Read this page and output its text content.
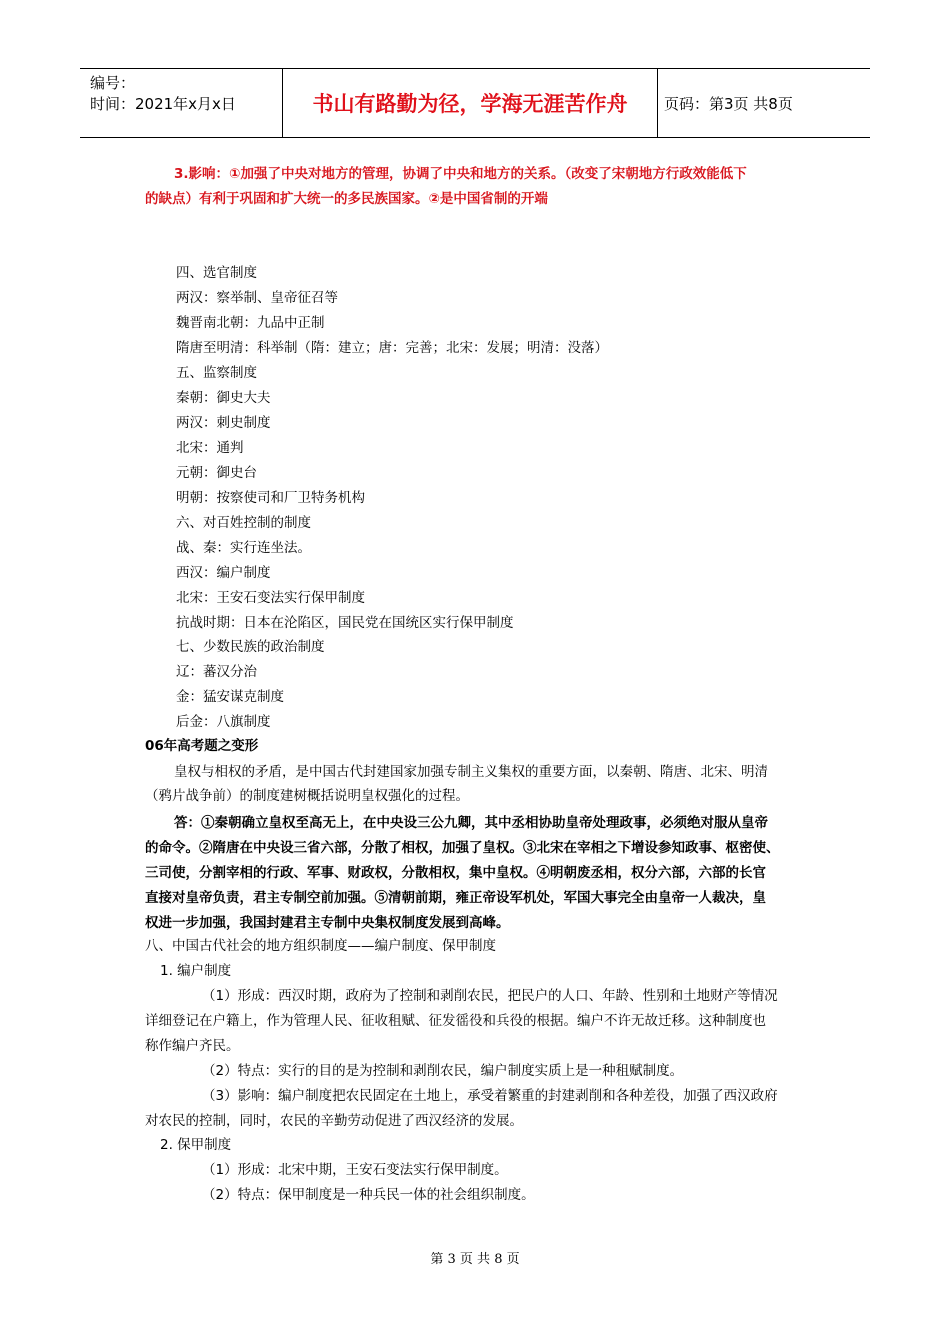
编号：
时间：2021年x月x日	书山有路勤为径，学海无涯苦作舟	页码：第3页 共8页
3.影响：①加强了中央对地方的管理，协调了中央和地方的关系。（改变了宋朝地方行政效能低下
的缺点）有利于巩固和扩大统一的多民族国家。②是中国省制的开端
四、选官制度
两汉：察举制、皇帝征召等
魏晋南北朝：九品中正制
隋唐至明清：科举制（隋：建立；唐：完善；北宋：发展；明清：没落）
五、监察制度
秦朝：御史大夫
两汉：刺史制度
北宋：通判
元朝：御史台
明朝：按察使司和厂卫特务机构
六、对百姓控制的制度
战、秦：实行连坐法。
西汉：编户制度
北宋：王安石变法实行保甲制度
抗战时期：日本在沦陷区，国民党在国统区实行保甲制度
七、少数民族的政治制度
辽：蕃汉分治
金：猛安谋克制度
后金：八旗制度
06年高考题之变形
皇权与相权的矛盾，是中国古代封建国家加强专制主义集权的重要方面，以秦朝、隋唐、北宋、明清
（鸦片战争前）的制度建树概括说明皇权强化的过程。
答：①秦朝确立皇权至高无上，在中央设三公九卿，其中丞相协助皇帝处理政事，必须绝对服从皇帝
的命令。②隋唐在中央设三省六部，分散了相权，加强了皇权。③北宋在宰相之下增设参知政事、枢密使、
三司使，分割宰相的行政、军事、财政权，分散相权，集中皇权。④明朝废丞相，权分六部，六部的长官
直接对皇帝负责，君主专制空前加强。⑤清朝前期，雍正帝设军机处，军国大事完全由皇帝一人裁决，皇
权进一步加强，我国封建君主专制中央集权制度发展到高峰。
八、中国古代社会的地方组织制度——编户制度、保甲制度
1. 编户制度
（1）形成：西汉时期，政府为了控制和剥削农民，把民户的人口、年龄、性别和土地财产等情况
详细登记在户籍上，作为管理人民、征收租赋、征发徭役和兵役的根据。编户不许无故迁移。这种制度也
称作编户齐民。
（2）特点：实行的目的是为控制和剥削农民，编户制度实质上是一种租赋制度。
（3）影响：编户制度把农民固定在土地上，承受着繁重的封建剥削和各种差役，加强了西汉政府
对农民的控制，同时，农民的辛勤劳动促进了西汉经济的发展。
2. 保甲制度
（1）形成：北宋中期，王安石变法实行保甲制度。
（2）特点：保甲制度是一种兵民一体的社会组织制度。
第 3 页 共 8 页
